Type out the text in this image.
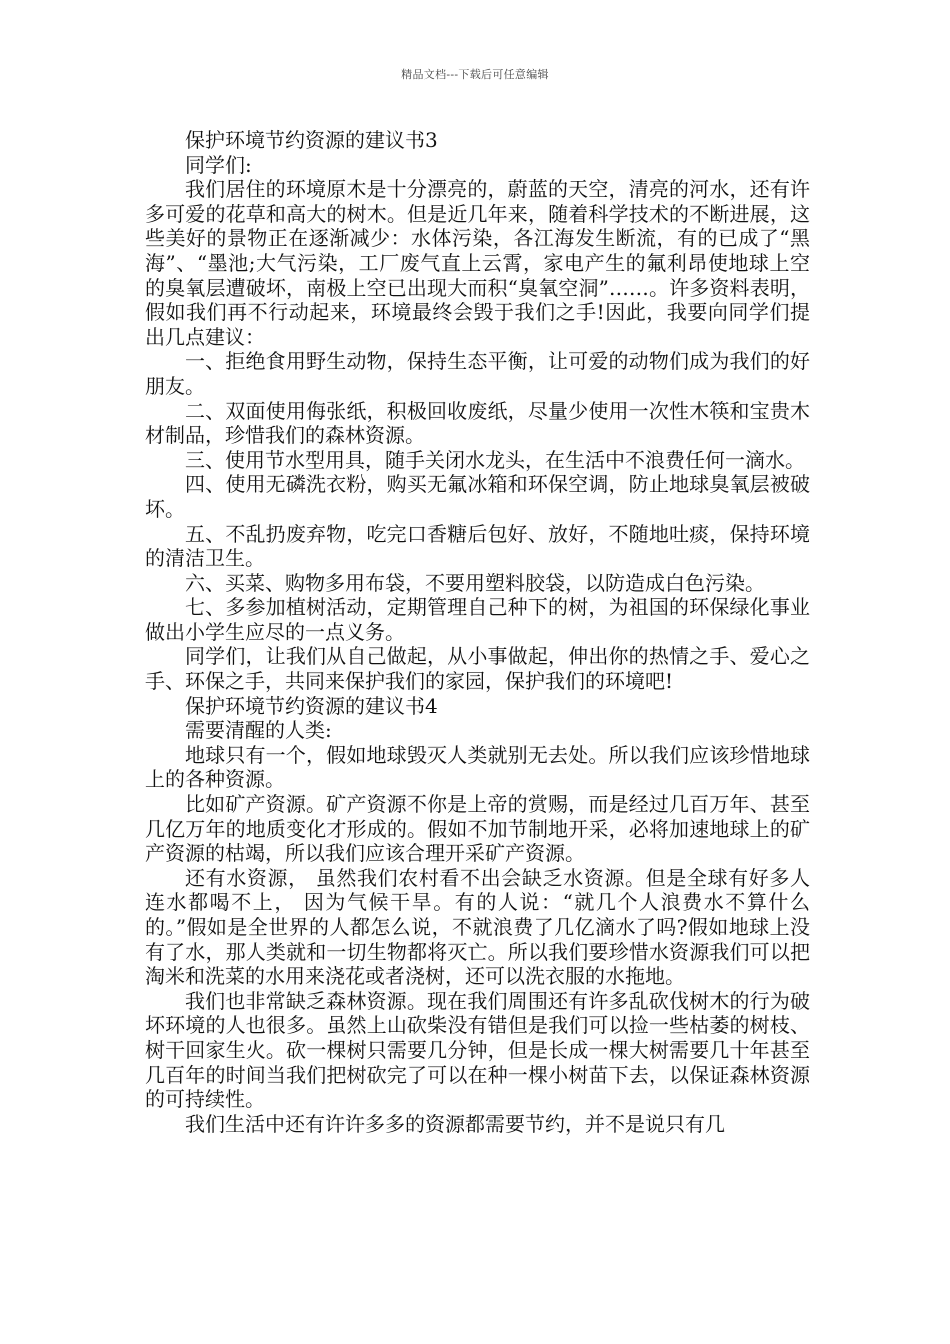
精品文档---下载后可任意编辑

保护环境节约资源的建议书3

同学们:

我们居住的环境原木是十分漂亮的，蔚蓝的天空，清亮的河水，还有许多可爱的花草和高大的树木。但是近几年来，随着科学技术的不断进展，这些美好的景物正在逐渐减少：水体污染，各江海发生断流，有的已成了“黑海”、“墨池;大气污染，工厂废气直上云霄，家电产生的氟利昂使地球上空的臭氧层遭破坏，南极上空已出现大而积“臭氧空洞”……。许多资料表明，假如我们再不行动起来，环境最终会毁于我们之手!因此，我要向同学们提出几点建议：

一、拒绝食用野生动物，保持生态平衡，让可爱的动物们成为我们的好朋友。

二、双面使用侮张纸，积极回收废纸，尽量少使用一次性木筷和宝贵木材制品，珍惜我们的森林资源。

三、使用节水型用具，随手关闭水龙头，在生活中不浪费任何一滴水。

四、使用无磷洗衣粉，购买无氟冰箱和环保空调，防止地球臭氧层被破坏。

五、不乱扔废弃物，吃完口香糖后包好、放好，不随地吐痰，保持环境的清洁卫生。

六、买菜、购物多用布袋，不要用塑料胶袋，以防造成白色污染。

七、多参加植树活动，定期管理自己种下的树，为祖国的环保绿化事业做出小学生应尽的一点义务。

同学们，让我们从自己做起，从小事做起，伸出你的热情之手、爱心之手、环保之手，共同来保护我们的家园，保护我们的环境吧!

保护环境节约资源的建议书4

需要清醒的人类:

地球只有一个，假如地球毁灭人类就别无去处。所以我们应该珍惜地球上的各种资源。

比如矿产资源。矿产资源不你是上帝的赏赐，而是经过几百万年、甚至几亿万年的地质变化才形成的。假如不加节制地开采，必将加速地球上的矿产资源的枯竭，所以我们应该合理开采矿产资源。

还有水资源， 虽然我们农村看不出会缺乏水资源。但是全球有好多人连水都喝不上， 因为气候干旱。有的人说：“就几个人浪费水不算什么的。”假如是全世界的人都怎么说，不就浪费了几亿滴水了吗?假如地球上没有了水，那人类就和一切生物都将灭亡。所以我们要珍惜水资源我们可以把淘米和洗菜的水用来浇花或者浇树，还可以洗衣服的水拖地。

我们也非常缺乏森林资源。现在我们周围还有许多乱砍伐树木的行为破坏环境的人也很多。虽然上山砍柴没有错但是我们可以捡一些枯萎的树枝、树干回家生火。砍一棵树只需要几分钟，但是长成一棵大树需要几十年甚至几百年的时间当我们把树砍完了可以在种一棵小树苗下去，以保证森林资源的可持续性。

我们生活中还有许许多多的资源都需要节约，并不是说只有几
